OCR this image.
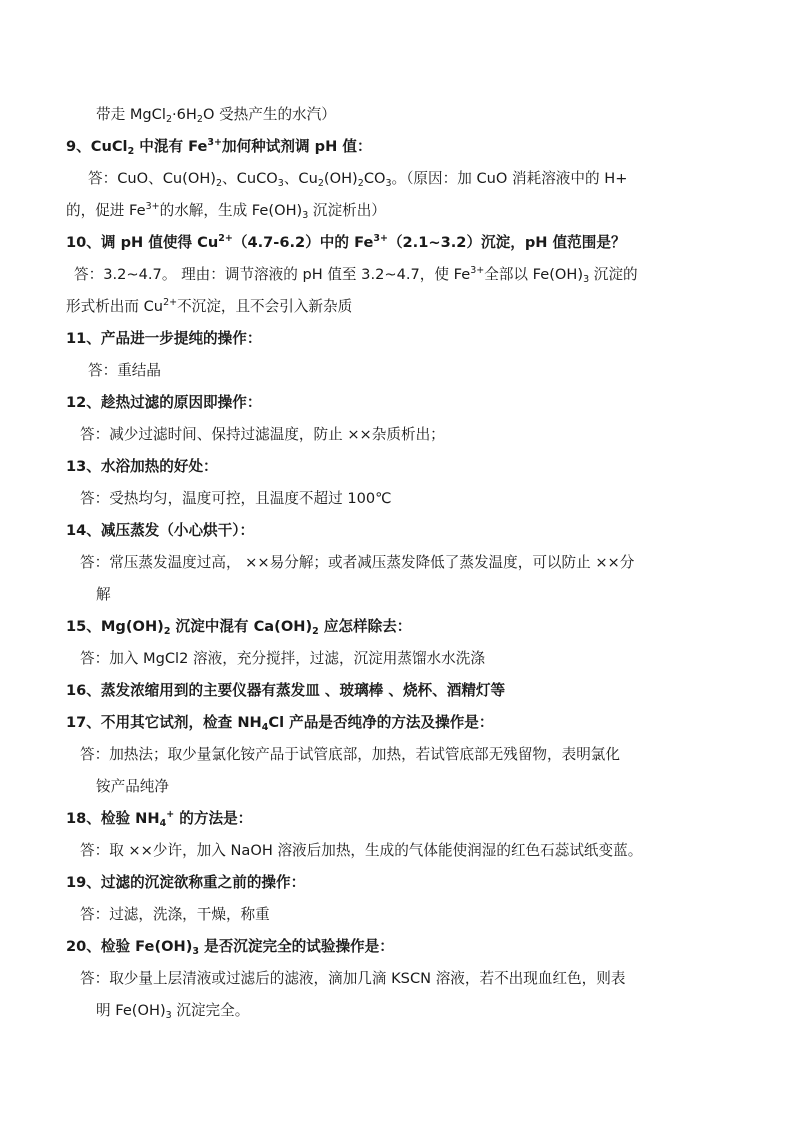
带走 $MgCl_2\cdot 6H_2O$ 受热产生的水汽）
9、CuCl$_2$ 中混有 $Fe^{3+}$加何种试剂调 pH 值：
答：CuO、$Cu(OH)_2$、CuCO$_3$、$Cu_2(OH)_2CO_3$。（原因：加 CuO 消耗溶液中的 H+
的，促进 $Fe^{3+}$的水解，生成 $Fe(OH)_3$ 沉淀析出）
10、调 pH 值使得 $Cu^{2+}(4.7-6.2)$中的 $Fe^{3+}(2.1\sim 3.2)$沉淀，pH 值范围是？
答：3.2~4.7。 理由：调节溶液的 pH 值至 3.2~4.7，使 $Fe^{3+}$全部以 $Fe(OH)_3$ 沉淀的
形式析出而 $Cu^{2+}$不沉淀，且不会引入新杂质
11、产品进一步提纯的操作：
答：重结晶
12、趁热过滤的原因即操作：
答：减少过滤时间、保持过滤温度，防止 ××杂质析出；
13、水浴加热的好处：
答：受热均匀，温度可控，且温度不超过 100℃
14、减压蒸发（小心烘干）：
答：常压蒸发温度过高， ××易分解；或者减压蒸发降低了蒸发温度，可以防止 ××分
解
15、$Mg(OH)_2$ 沉淀中混有 $Ca(OH)_2$ 应怎样除去：
答：加入 MgCl2 溶液，充分搅拌，过滤，沉淀用蒸馏水水洗涤
16、蒸发浓缩用到的主要仪器有蒸发皿 、玻璃棒 、烧杯、酒精灯等
17、不用其它试剂，检查 $NH_4Cl$ 产品是否纯净的方法及操作是：
答：加热法；取少量氯化铵产品于试管底部，加热，若试管底部无残留物，表明氯化
铵产品纯净
18、检验 $NH_4^+$ 的方法是：
答：取 ××少许，加入 NaOH 溶液后加热，生成的气体能使润湿的红色石蕊试纸变蓝。
19、过滤的沉淀欲称重之前的操作：
答：过滤，洗涤，干燥，称重
20、检验 $Fe(OH)_3$ 是否沉淀完全的试验操作是：
答：取少量上层清液或过滤后的滤液，滴加几滴 KSCN 溶液，若不出现血红色，则表
明 $Fe(OH)_3$ 沉淀完全。
